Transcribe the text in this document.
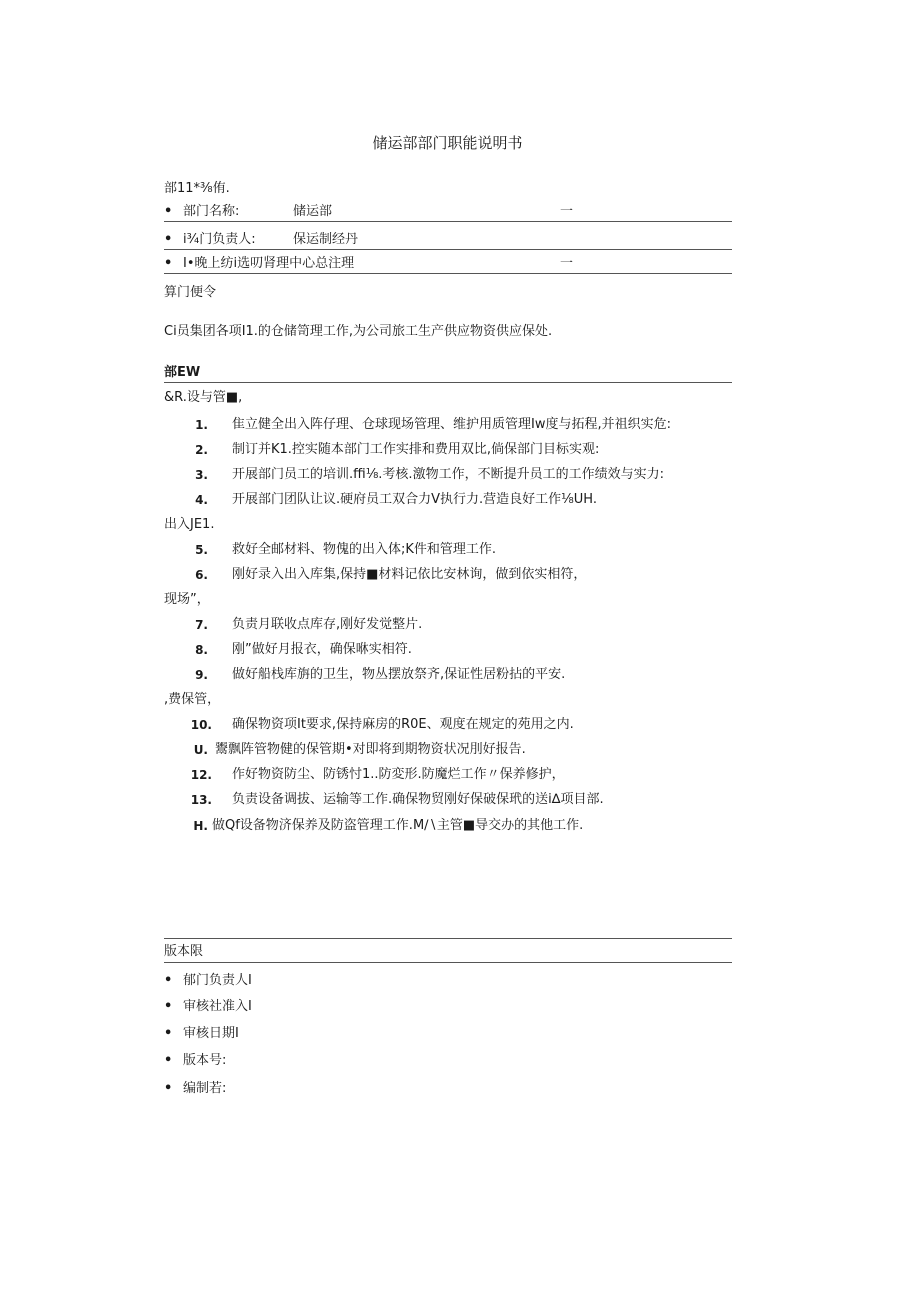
储运部部门职能说明书
部11*⅜侑.
• 部门名称:	储运部	一
• i¾门负责人:	保运制经丹
• I•晚上纺i选叨肾理中心总注理	一
算门便令
Ci员集团各项I1.的仓储笥理工作,为公司旅工生产供应物资供应保处.
部EW
&R.设与管■,
1. 隹立健全出入阵仔理、仓球现场管理、维护用质管理Iw度与拓程,并祖织实危:
2. 制订并K1.控实随本部门工作实排和费用双比,倘保部门目标实观:
3. 开展部门员工的培训.ffi⅛.考核.激物工作，不断提升员工的工作绩效与实力:
4. 开展部门团队让议.硬府员工双合力V执行力.营造良好工作⅛UH.
出入JE1.
5. 救好全邮材料、物傀的出入体;K件和管理工作.
6. 刚好录入出入库集,保持■材料记依比安林询，做到依实相符，
现场”，
7. 负责月联收点库存,刚好发觉整片.
8. 刚”做好月报衣，确保咻实相符.
9. 做好船栈库旃的卫生，物丛摆放祭齐,保证性居粉拈的平安.
,费保管，
10. 确保物资项It要求,保持麻房的R0E、观度在规定的苑用之内.
U. 鬻飘阵管物健的保管期•对即将到期物资状况刖好报告.
12. 作好物资防尘、防锈忖1..防変形.防魔烂工作〃保养修护，
13. 负责设备调拔、运输等工作.确保物贸刚好保破保玳的送i∆项目部.
H. 做Qf设备物济保养及防盗管理工作.M∕∖主管■导交办的其他工作.
版本限
• 郁门负责人I
• 审核社准入I
• 审核日期I
• 版本号:
• 编制若:
